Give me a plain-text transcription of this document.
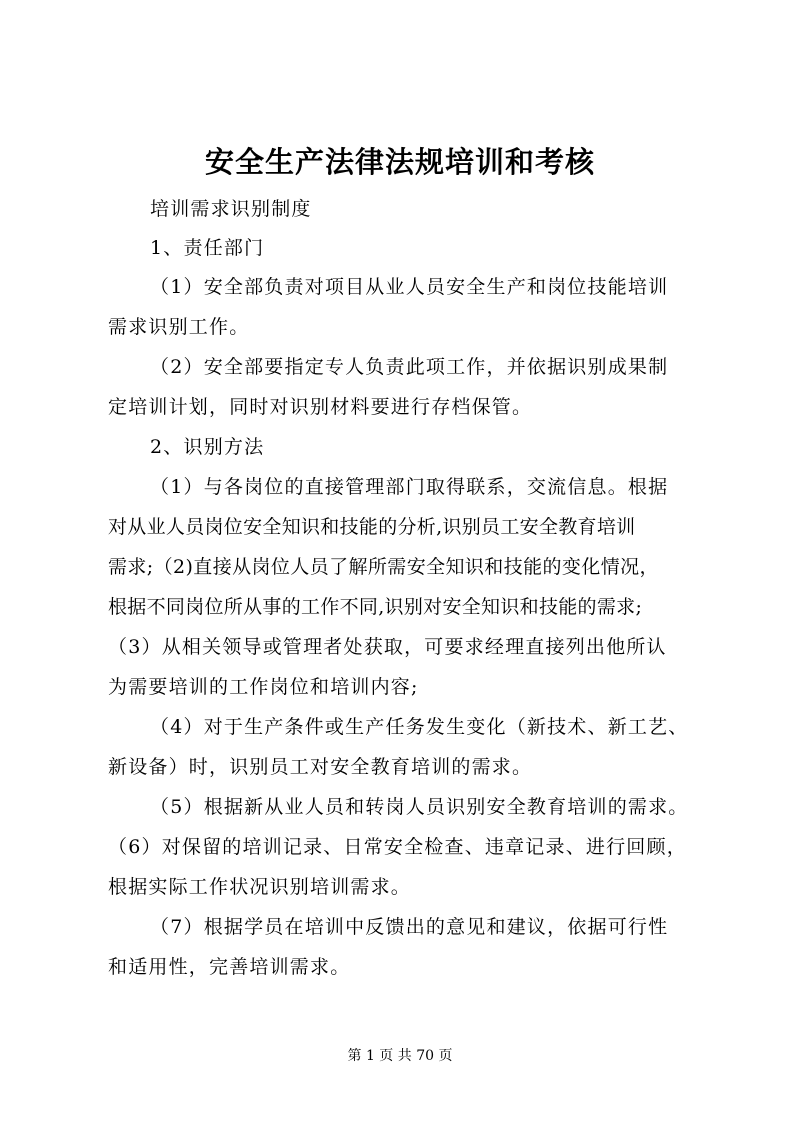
安全生产法律法规培训和考核
培训需求识别制度
1、责任部门
（1）安全部负责对项目从业人员安全生产和岗位技能培训
需求识别工作。
（2）安全部要指定专人负责此项工作，并依据识别成果制
定培训计划，同时对识别材料要进行存档保管。
2、识别方法
（1）与各岗位的直接管理部门取得联系，交流信息。根据
对从业人员岗位安全知识和技能的分析,识别员工安全教育培训
需求;（2)直接从岗位人员了解所需安全知识和技能的变化情况，
根据不同岗位所从事的工作不同,识别对安全知识和技能的需求;
（3）从相关领导或管理者处获取，可要求经理直接列出他所认
为需要培训的工作岗位和培训内容;
（4）对于生产条件或生产任务发生变化（新技术、新工艺、
新设备）时，识别员工对安全教育培训的需求。
（5）根据新从业人员和转岗人员识别安全教育培训的需求。
（6）对保留的培训记录、日常安全检查、违章记录、进行回顾，
根据实际工作状况识别培训需求。
（7）根据学员在培训中反馈出的意见和建议，依据可行性
和适用性，完善培训需求。
第 1 页 共 70 页
